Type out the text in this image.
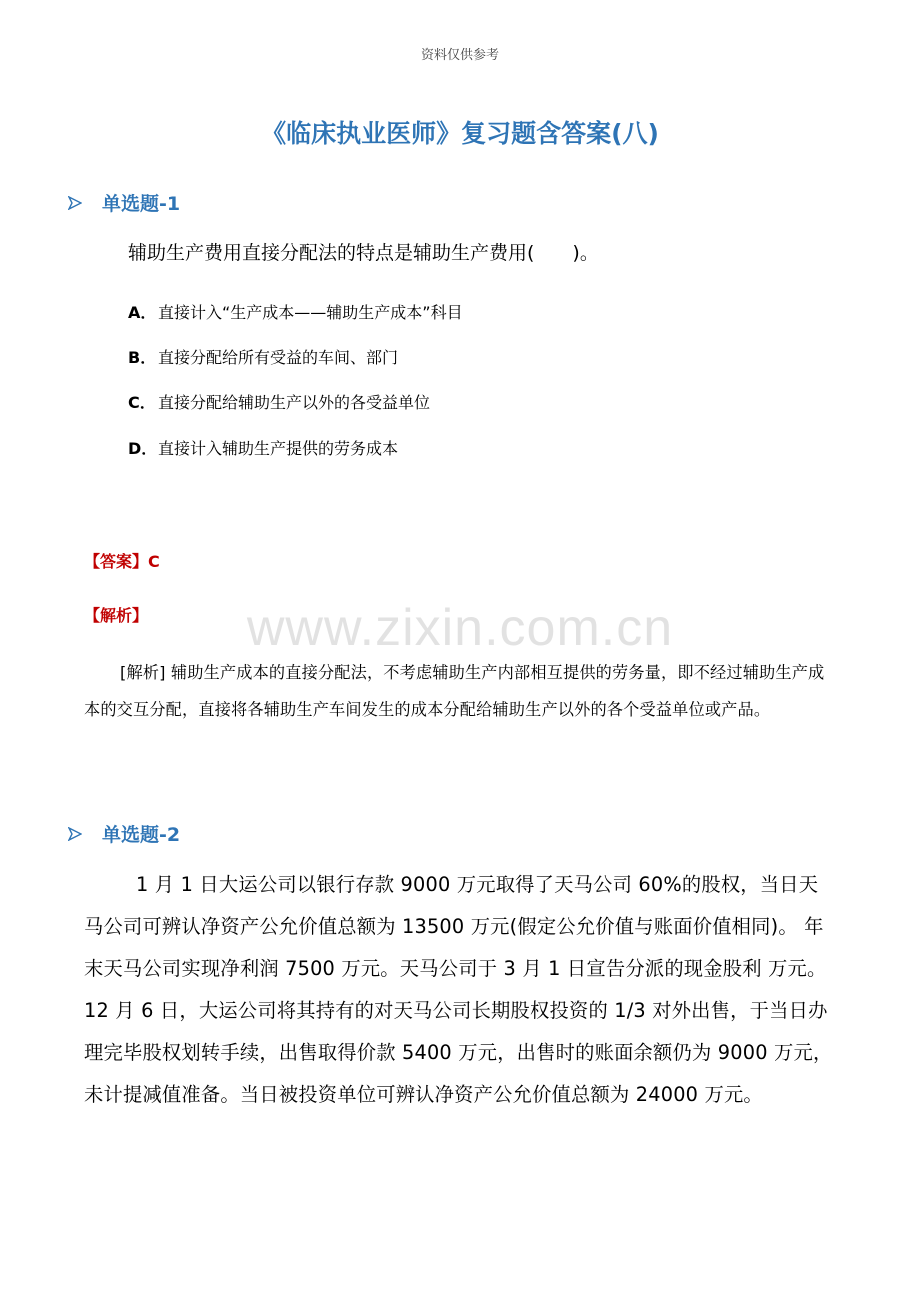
资料仅供参考
《临床执业医师》复习题含答案(八)
单选题-1
辅助生产费用直接分配法的特点是辅助生产费用(　　)。
A． 直接计入“生产成本——辅助生产成本”科目
B． 直接分配给所有受益的车间、部门
C． 直接分配给辅助生产以外的各受益单位
D．直接计入辅助生产提供的劳务成本
【答案】C
【解析】	www.zixin.com.cn
[解析] 辅助生产成本的直接分配法，不考虑辅助生产内部相互提供的劳务量，即不经过辅助生产成本的交互分配，直接将各辅助生产车间发生的成本分配给辅助生产以外的各个受益单位或产品。
单选题-2
1 月 1 日大运公司以银行存款 9000 万元取得了天马公司 60%的股权，当日天马公司可辨认净资产公允价值总额为 13500 万元(假定公允价值与账面价值相同)。 年末天马公司实现净利润 7500 万元。天马公司于 3 月 1 日宣告分派的现金股利 万元。 12 月 6 日，大运公司将其持有的对天马公司长期股权投资的 1/3 对外出售，于当日办理完毕股权划转手续，出售取得价款 5400 万元，出售时的账面余额仍为 9000 万元，未计提减值准备。当日被投资单位可辨认净资产公允价值总额为 24000 万元。
